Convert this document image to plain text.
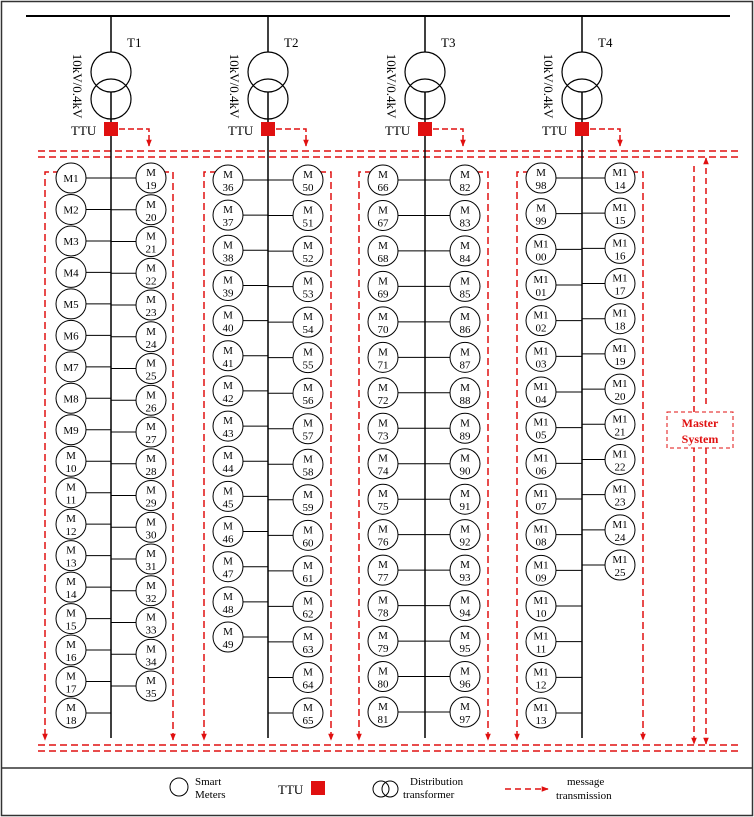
Master
System
T1
10kV/0.4kV
TTU
M1
M2
M3
M4
M5
M6
M7
M8
M9
M
10
M
11
M
12
M
13
M
14
M
15
M
16
M
17
M
18
M
19
M
20
M
21
M
22
M
23
M
24
M
25
M
26
M
27
M
28
M
29
M
30
M
31
M
32
M
33
M
34
M
35
T2
10kV/0.4kV
TTU
M
36
M
37
M
38
M
39
M
40
M
41
M
42
M
43
M
44
M
45
M
46
M
47
M
48
M
49
M
50
M
51
M
52
M
53
M
54
M
55
M
56
M
57
M
58
M
59
M
60
M
61
M
62
M
63
M
64
M
65
T3
10kV/0.4kV
TTU
M
66
M
67
M
68
M
69
M
70
M
71
M
72
M
73
M
74
M
75
M
76
M
77
M
78
M
79
M
80
M
81
M
82
M
83
M
84
M
85
M
86
M
87
M
88
M
89
M
90
M
91
M
92
M
93
M
94
M
95
M
96
M
97
T4
10kV/0.4kV
TTU
M
98
M
99
M1
00
M1
01
M1
02
M1
03
M1
04
M1
05
M1
06
M1
07
M1
08
M1
09
M1
10
M1
11
M1
12
M1
13
M1
14
M1
15
M1
16
M1
17
M1
18
M1
19
M1
20
M1
21
M1
22
M1
23
M1
24
M1
25
Smart
Meters	TTU	Distribution
transformer
message
transmission
